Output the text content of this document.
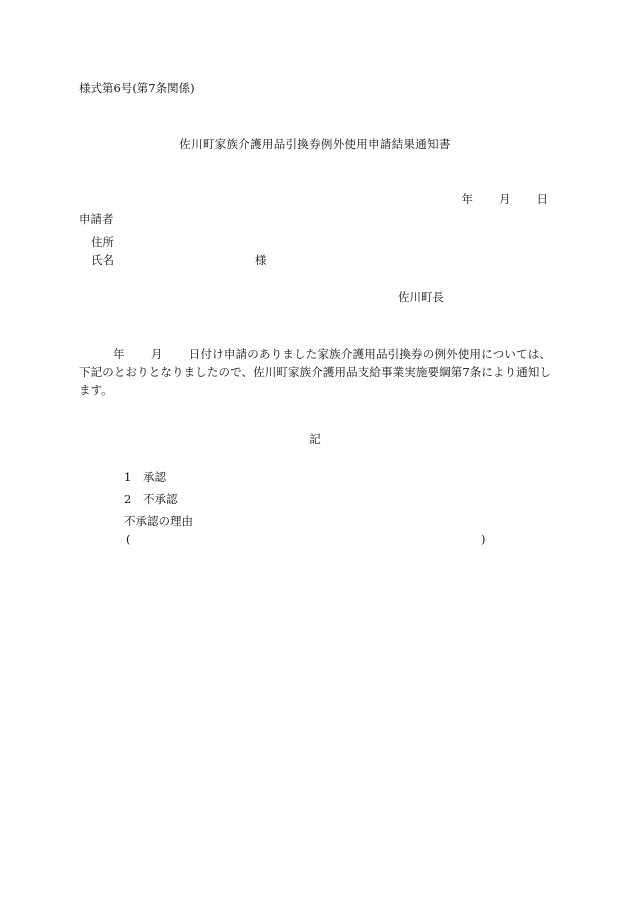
様式第6号(第7条関係)
佐川町家族介護用品引換券例外使用申請結果通知書
年 月 日
申請者
住所
氏名	様
佐川町長
年 月 日付け申請のありました家族介護用品引換券の例外使用については、下記のとおりとなりましたので、佐川町家族介護用品支給事業実施要綱第7条により通知します。
記
1 承認
2 不承認
不承認の理由
(	)
